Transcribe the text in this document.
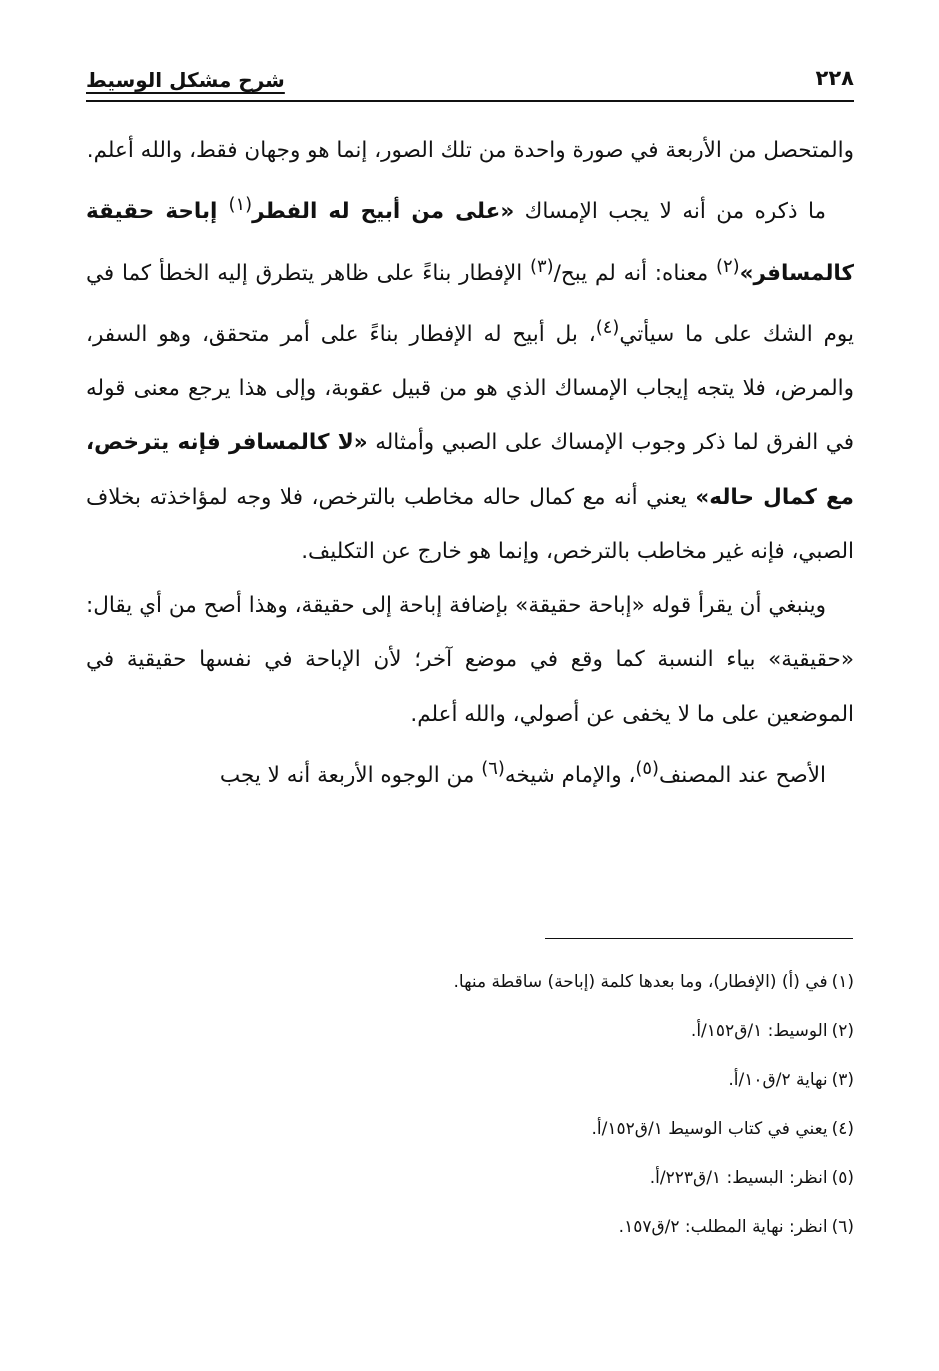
٢٢٨
شرح مشكل الوسيط

والمتحصل من الأربعة في صورة واحدة من تلك الصور، إنما هو وجهان فقط، والله أعلم.

ما ذكره من أنه لا يجب الإمساك «على من أبيح له الفطر$^{(١)}$ إباحة حقيقة كالمسافر»$^{(٢)}$ معناه: أنه لم يبح/$^{(٣)}$ الإفطار بناءً على ظاهر يتطرق إليه الخطأ كما في يوم الشك على ما سيأتي$^{(٤)}$، بل أبيح له الإفطار بناءً على أمر متحقق، وهو السفر، والمرض، فلا يتجه إيجاب الإمساك الذي هو من قبيل عقوبة، وإلى هذا يرجع معنى قوله في الفرق لما ذكر وجوب الإمساك على الصبي وأمثاله «لا كالمسافر فإنه يترخص، مع كمال حاله» يعني أنه مع كمال حاله مخاطب بالترخص، فلا وجه لمؤاخذته بخلاف الصبي، فإنه غير مخاطب بالترخص، وإنما هو خارج عن التكليف.

وينبغي أن يقرأ قوله «إباحة حقيقة» بإضافة إباحة إلى حقيقة، وهذا أصح من أي يقال: «حقيقية» بياء النسبة كما وقع في موضع آخر؛ لأن الإباحة في نفسها حقيقية في الموضعين على ما لا يخفى عن أصولي، والله أعلم.

الأصح عند المصنف$^{(٥)}$، والإمام شيخه$^{(٦)}$ من الوجوه الأربعة أنه لا يجب

(١)في (أ) (الإفطار)، وما بعدها كلمة (إباحة) ساقطة منها.
(٢)الوسيط: ١/ق١٥٢/أ.
(٣)نهاية ٢/ق١٠/أ.
(٤)يعني في كتاب الوسيط ١/ق١٥٢/أ.
(٥)انظر: البسيط: ١/ق٢٢٣/أ.
(٦)انظر: نهاية المطلب: ٢/ق١٥٧.
